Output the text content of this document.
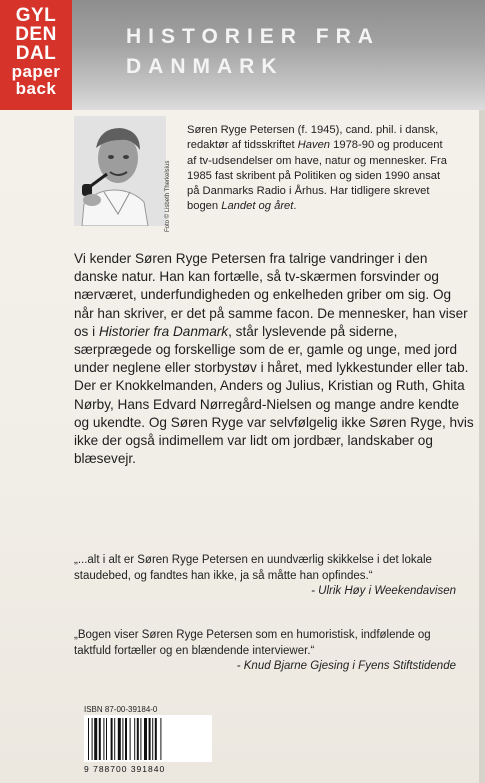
GYL
DEN
DAL
paper
back
HISTORIER FRA
DANMARK
Foto © Lisbeth Therkelsius
Søren Ryge Petersen (f. 1945), cand. phil. i dansk, redaktør af tidsskriftet Haven 1978-90 og producent af tv-udsendelser om have, natur og mennesker. Fra 1985 fast skribent på Politiken og siden 1990 ansat på Danmarks Radio i Århus. Har tidligere skrevet bogen Landet og året.

Vi kender Søren Ryge Petersen fra talrige vandringer i den danske natur. Han kan fortælle, så tv-skærmen forsvinder og nærværet, underfundigheden og enkelheden griber om sig. Og når han skriver, er det på samme facon. De mennesker, han viser os i Historier fra Danmark, står lyslevende på siderne, særprægede og forskellige som de er, gamle og unge, med jord under neglene eller storbystøv i håret, med lykkestunder eller tab.

Der er Knokkelmanden, Anders og Julius, Kristian og Ruth, Ghita Nørby, Hans Edvard Nørregård-Nielsen og mange andre kendte og ukendte. Og Søren Ryge var selvfølgelig ikke Søren Ryge, hvis ikke der også indimellem var lidt om jordbær, landskaber og blæsevejr.

„...alt i alt er Søren Ryge Petersen en uundværlig skikkelse i det lokale staudebed, og fandtes han ikke, ja så måtte han opfindes.“
- Ulrik Høy i Weekendavisen
„Bogen viser Søren Ryge Petersen som en humoristisk, indfølende og taktfuld fortæller og en blændende interviewer.“
- Knud Bjarne Gjesing i Fyens Stiftstidende
ISBN 87-00-39184-0
9 788700 391840
